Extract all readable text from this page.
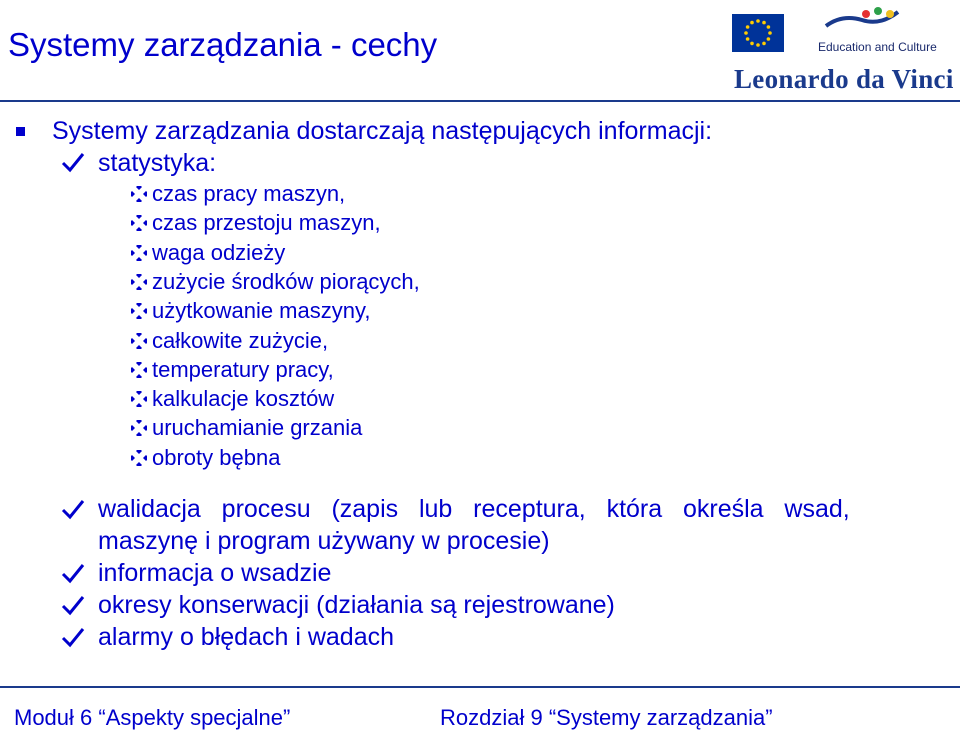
Systemy zarządzania - cechy	Education and Culture
Leonardo da Vinci
Systemy zarządzania dostarczają następujących informacji:
statystyka:
czas pracy maszyn,
czas przestoju maszyn,
waga odzieży
zużycie środków piorących,
użytkowanie maszyny,
całkowite zużycie,
temperatury pracy,
kalkulacje kosztów
uruchamianie grzania
obroty bębna
walidacja   procesu   (zapis   lub   receptura,   która   określa   wsad,
maszynę i program używany w procesie)
informacja o wsadzie
okresy konserwacji (działania są rejestrowane)
alarmy o błędach i wadach
Moduł 6 “Aspekty specjalne”	Rozdział 9 “Systemy zarządzania”
